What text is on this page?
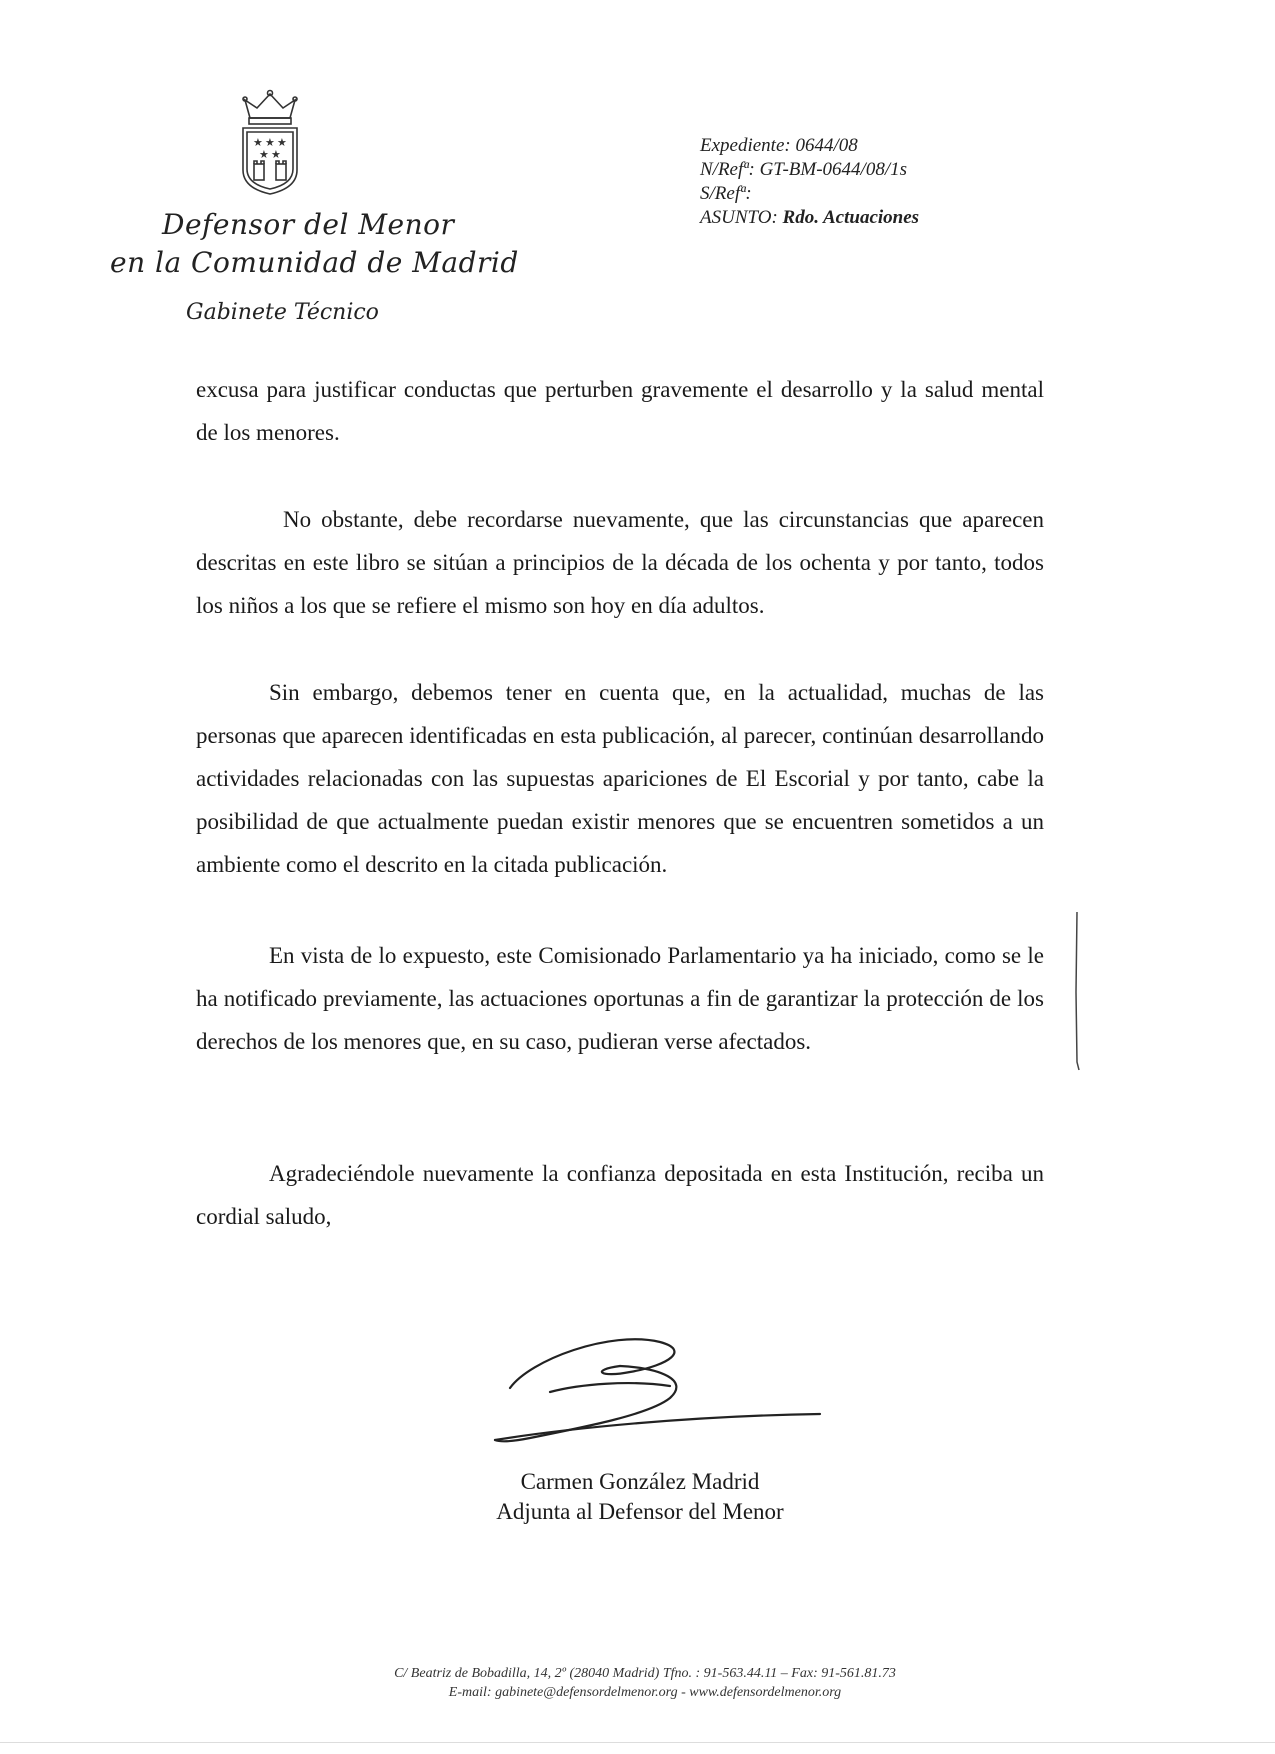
★ ★ ★
★ ★
Defensor del Menor
en la Comunidad de Madrid
Gabinete Técnico
Expediente: 0644/08
N/Refª: GT-BM-0644/08/1s
S/Refª:
ASUNTO: Rdo. Actuaciones

excusa para justificar conductas que perturben gravemente el desarrollo y la salud mental de los menores.

No obstante, debe recordarse nuevamente, que las circunstancias que aparecen descritas en este libro se sitúan a principios de la década de los ochenta y por tanto, todos los niños a los que se refiere el mismo son hoy en día adultos.

Sin embargo, debemos tener en cuenta que, en la actualidad, muchas de las personas que aparecen identificadas en esta publicación, al parecer, continúan desarrollando actividades relacionadas con las supuestas apariciones de El Escorial y por tanto, cabe la posibilidad de que actualmente puedan existir menores que se encuentren sometidos a un ambiente como el descrito en la citada publicación.

En vista de lo expuesto, este Comisionado Parlamentario ya ha iniciado, como se le ha notificado previamente, las actuaciones oportunas a fin de garantizar la protección de los derechos de los menores que, en su caso, pudieran verse afectados.

Agradeciéndole nuevamente la confianza depositada en esta Institución, reciba un cordial saludo,

Carmen González Madrid
Adjunta al Defensor del Menor
C/ Beatriz de Bobadilla, 14, 2º (28040 Madrid) Tfno. : 91-563.44.11 – Fax: 91-561.81.73
E-mail: gabinete@defensordelmenor.org - www.defensordelmenor.org
